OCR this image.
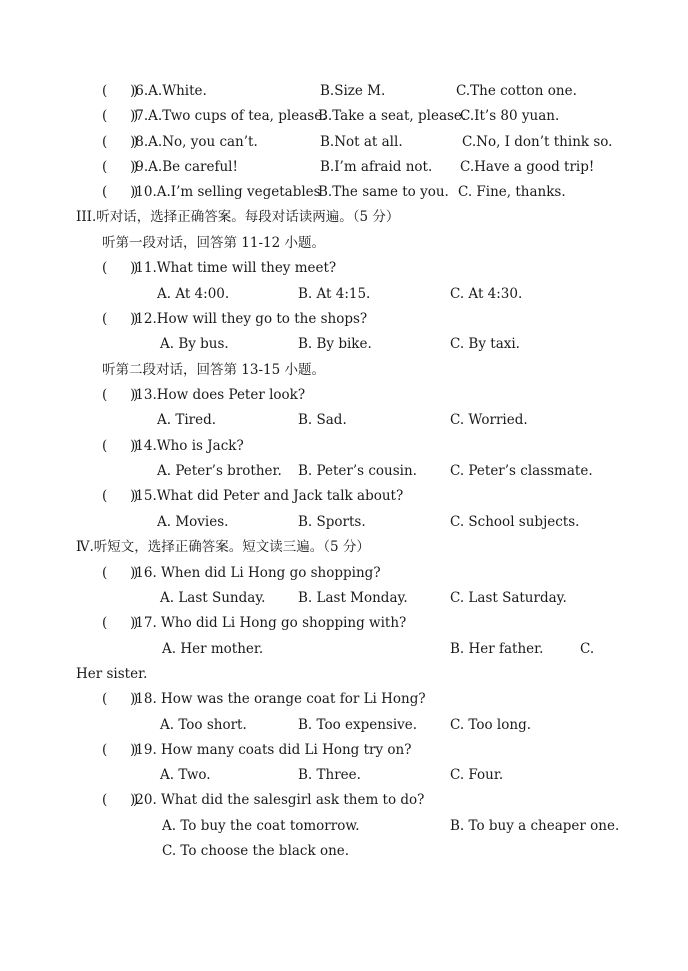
(      )
)6.A.White.	B.Size M.	C.The cotton one.
(      )
)7.A.Two cups of tea, please.
B.Take a seat, please.
C.It’s 80 yuan.
(      )
)8.A.No, you can’t.	B.Not at all.	C.No, I don’t think so.
(      )
)9.A.Be careful!	B.I’m afraid not. C.Have a good trip!
(      )
)10.A.I’m selling vegetables
B.The same to you. C. Fine, thanks.
III.听对话，选择正确答案。每段对话读两遍。（5 分）
听第一段对话，回答第 11-12 小题。
(      )
)11.What time will they meet?
A. At 4:00.	B. At 4:15.	C. At 4:30.
(      )
)12.How will they go to the shops?
A. By bus.	B. By bike.	C. By taxi.
听第二段对话，回答第 13-15 小题。
(      )
)13.How does Peter look?
A. Tired.	B. Sad.	C. Worried.
(      )
)14.Who is Jack?
A. Peter’s brother. B. Peter’s cousin. C. Peter’s classmate.
(      )
)15.What did Peter and Jack talk about?
A. Movies.	B. Sports.	C. School subjects.
Ⅳ.听短文，选择正确答案。短文读三遍。（5 分）
(      )
)16. When did Li Hong go shopping?
A. Last Sunday. B. Last Monday.	C. Last Saturday.
(      )
)17. Who did Li Hong go shopping with?
A. Her mother.	B. Her father.	C.
Her sister.
(      )
)18. How was the orange coat for Li Hong?
A. Too short.	B. Too expensive. C. Too long.
(      )
)19. How many coats did Li Hong try on?
A. Two.	B. Three.	C. Four.
(      )
)20. What did the salesgirl ask them to do?
A. To buy the coat tomorrow.	B. To buy a cheaper one.
C. To choose the black one.
